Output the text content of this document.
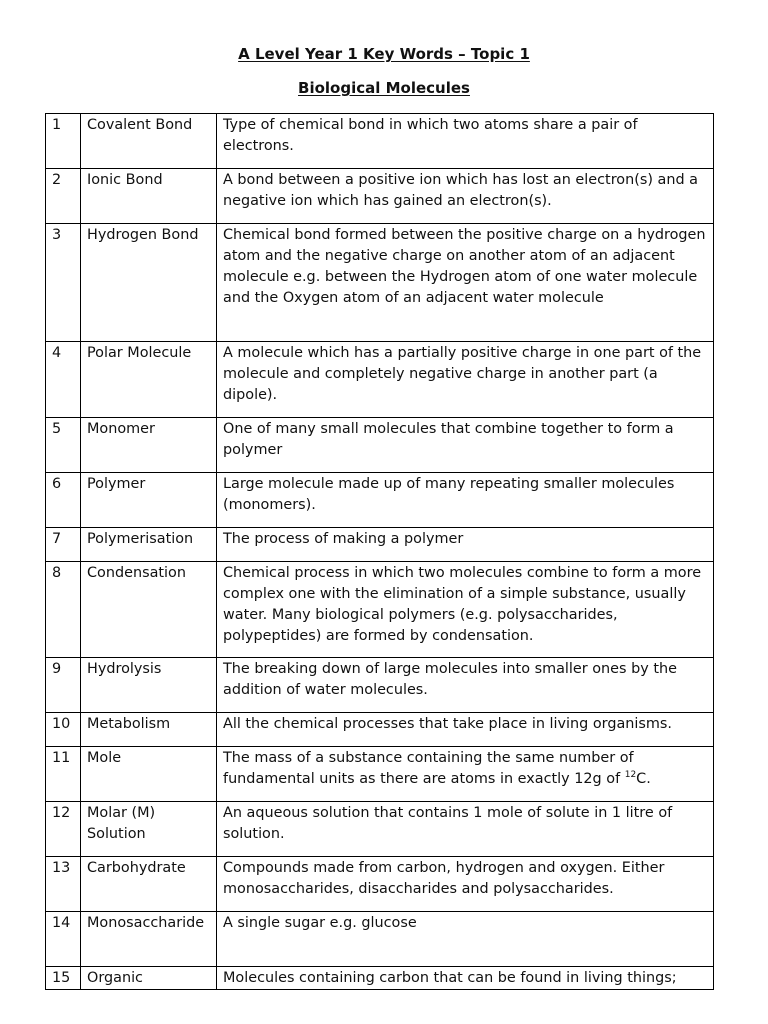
A Level Year 1 Key Words – Topic 1
Biological Molecules
1	Covalent Bond	Type of chemical bond in which two atoms share a pair of electrons.
2	Ionic Bond	A bond between a positive ion which has lost an electron(s) and a negative ion which has gained an electron(s).
3	Hydrogen Bond	Chemical bond formed between the positive charge on a hydrogen atom and the negative charge on another atom of an adjacent molecule e.g. between the Hydrogen atom of one water molecule and the Oxygen atom of an adjacent water molecule
4	Polar Molecule	A molecule which has a partially positive charge in one part of the molecule and completely negative charge in another part (a dipole).
5	Monomer	One of many small molecules that combine together to form a polymer
6	Polymer	Large molecule made up of many repeating smaller molecules (monomers).
7	Polymerisation	The process of making a polymer
8	Condensation	Chemical process in which two molecules combine to form a more complex one with the elimination of a simple substance, usually water. Many biological polymers (e.g. polysaccharides, polypeptides) are formed by condensation.
9	Hydrolysis	The breaking down of large molecules into smaller ones by the addition of water molecules.
10	Metabolism	All the chemical processes that take place in living organisms.
11	Mole	The mass of a substance containing the same number of fundamental units as there are atoms in exactly 12g of $^{12}$C.
12	Molar (M) Solution	An aqueous solution that contains 1 mole of solute in 1 litre of solution.
13	Carbohydrate	Compounds made from carbon, hydrogen and oxygen. Either monosaccharides, disaccharides and polysaccharides.
14	Monosaccharide	A single sugar e.g. glucose
15	Organic	Molecules containing carbon that can be found in living things;
